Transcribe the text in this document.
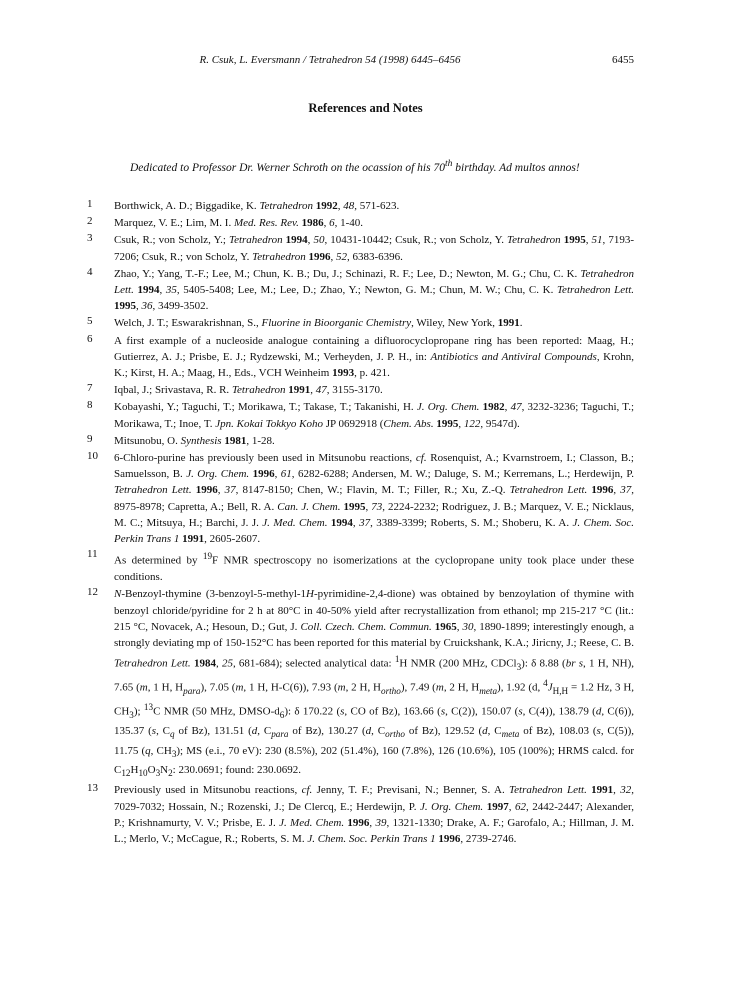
R. Csuk, L. Eversmann / Tetrahedron 54 (1998) 6445–6456	6455
References and Notes
Dedicated to Professor Dr. Werner Schroth on the ocassion of his 70th birthday. Ad multos annos!
1 Borthwick, A. D.; Biggadike, K. Tetrahedron 1992, 48, 571-623.
2 Marquez, V. E.; Lim, M. I. Med. Res. Rev. 1986, 6, 1-40.
3 Csuk, R.; von Scholz, Y.; Tetrahedron 1994, 50, 10431-10442; Csuk, R.; von Scholz, Y. Tetrahedron 1995, 51, 7193-7206; Csuk, R.; von Scholz, Y. Tetrahedron 1996, 52, 6383-6396.
4 Zhao, Y.; Yang, T.-F.; Lee, M.; Chun, K. B.; Du, J.; Schinazi, R. F.; Lee, D.; Newton, M. G.; Chu, C. K. Tetrahedron Lett. 1994, 35, 5405-5408; Lee, M.; Lee, D.; Zhao, Y.; Newton, G. M.; Chun, M. W.; Chu, C. K. Tetrahedron Lett. 1995, 36, 3499-3502.
5 Welch, J. T.; Eswarakrishnan, S., Fluorine in Bioorganic Chemistry, Wiley, New York, 1991.
6 A first example of a nucleoside analogue containing a difluorocyclopropane ring has been reported: Maag, H.; Gutierrez, A. J.; Prisbe, E. J.; Rydzewski, M.; Verheyden, J. P. H., in: Antibiotics and Antiviral Compounds, Krohn, K.; Kirst, H. A.; Maag, H., Eds., VCH Weinheim 1993, p. 421.
7 Iqbal, J.; Srivastava, R. R. Tetrahedron 1991, 47, 3155-3170.
8 Kobayashi, Y.; Taguchi, T.; Morikawa, T.; Takase, T.; Takanishi, H. J. Org. Chem. 1982, 47, 3232-3236; Taguchi, T.; Morikawa, T.; Inoe, T. Jpn. Kokai Tokkyo Koho JP 0692918 (Chem. Abs. 1995, 122, 9547d).
9 Mitsunobu, O. Synthesis 1981, 1-28.
10 6-Chloro-purine has previously been used in Mitsunobu reactions, cf. Rosenquist, A.; Kvarnstroem, I.; Classon, B.; Samuelsson, B. J. Org. Chem. 1996, 61, 6282-6288; Andersen, M. W.; Daluge, S. M.; Kerremans, L.; Herdewijn, P. Tetrahedron Lett. 1996, 37, 8147-8150; Chen, W.; Flavin, M. T.; Filler, R.; Xu, Z.-Q. Tetrahedron Lett. 1996, 37, 8975-8978; Capretta, A.; Bell, R. A. Can. J. Chem. 1995, 73, 2224-2232; Rodriguez, J. B.; Marquez, V. E.; Nicklaus, M. C.; Mitsuya, H.; Barchi, J. J. J. Med. Chem. 1994, 37, 3389-3399; Roberts, S. M.; Shoberu, K. A. J. Chem. Soc. Perkin Trans 1 1991, 2605-2607.
11
As determined by $^{19}$F NMR spectroscopy no isomerizations at the cyclopropane unity took place under these conditions.
12 N-Benzoyl-thymine (3-benzoyl-5-methyl-1H-pyrimidine-2,4-dione) was obtained by benzoylation of thymine with benzoyl chloride/pyridine for 2 h at 80°C in 40-50% yield after recrystallization from ethanol; mp 215-217 °C (lit.: 215 °C, Novacek, A.; Hesoun, D.; Gut, J. Coll. Czech. Chem. Commun. 1965, 30, 1890-1899; interestingly enough, a strongly deviating mp of 150-152°C has been reported for this material by Cruickshank, K.A.; Jiricny, J.; Reese, C. B. Tetrahedron Lett. 1984, 25, 681-684); selected analytical data: $^1$H NMR (200 MHz, CDCl$_3$): δ 8.88 (br s, 1 H, NH), 7.65 (m, 1 H, $H_{para}$), 7.05 (m, 1 H, H-C(6)), 7.93 (m, 2 H, $H_{ortho}$), 7.49 (m, 2 H, $H_{meta}$), 1.92 (d, $^4J_{H,H} = 1.2$ Hz, 3 H, $CH_3$); $^{13}$C NMR (50 MHz, DMSO-$d_6$): δ 170.22 (s, CO of Bz), 163.66 (s, C(2)), 150.07 (s, C(4)), 138.79 (d, C(6)), 135.37 (s, $C_q$ of Bz), 131.51 (d, $C_{para}$ of Bz), 130.27 (d, $C_{ortho}$ of Bz), 129.52 (d, $C_{meta}$ of Bz), 108.03 (s, C(5)), 11.75 (q, $CH_3$); MS (e.i., 70 eV): 230 (8.5%), 202 (51.4%), 160 (7.8%), 126 (10.6%), 105 (100%); HRMS calcd. for $C_{12}H_{10}O_3N_2$: 230.0691; found: 230.0692.
13 Previously used in Mitsunobu reactions, cf. Jenny, T. F.; Previsani, N.; Benner, S. A. Tetrahedron Lett. 1991, 32, 7029-7032; Hossain, N.; Rozenski, J.; De Clercq, E.; Herdewijn, P. J. Org. Chem. 1997, 62, 2442-2447; Alexander, P.; Krishnamurty, V. V.; Prisbe, E. J. J. Med. Chem. 1996, 39, 1321-1330; Drake, A. F.; Garofalo, A.; Hillman, J. M. L.; Merlo, V.; McCague, R.; Roberts, S. M. J. Chem. Soc. Perkin Trans 1 1996, 2739-2746.
